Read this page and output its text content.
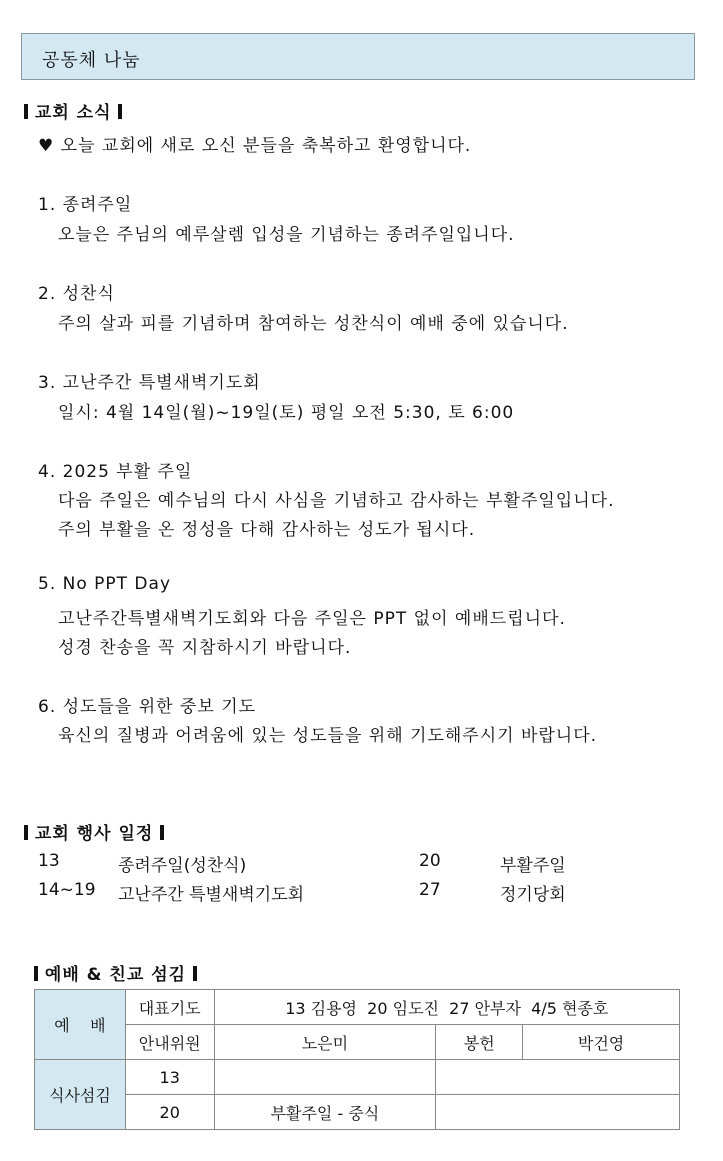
공동체 나눔
교회 소식
♥ 오늘 교회에 새로 오신 분들을 축복하고 환영합니다.
1. 종려주일
오늘은 주님의 예루살렘 입성을 기념하는 종려주일입니다.
2. 성찬식
주의 살과 피를 기념하며 참여하는 성찬식이 예배 중에 있습니다.
3. 고난주간 특별새벽기도회
일시: 4월 14일(월)~19일(토) 평일 오전 5:30, 토 6:00
4. 2025 부활 주일
다음 주일은 예수님의 다시 사심을 기념하고 감사하는 부활주일입니다.
주의 부활을 온 정성을 다해 감사하는 성도가 됩시다.
5. No PPT Day
고난주간특별새벽기도회와 다음 주일은 PPT 없이 예배드립니다.
성경 찬송을 꼭 지참하시기 바랍니다.
6. 성도들을 위한 중보 기도
육신의 질병과 어려움에 있는 성도들을 위해 기도해주시기 바랍니다.
교회 행사 일정
13	종려주일(성찬식)	20	부활주일
14~19 고난주간 특별새벽기도회	27	정기당회
예배 & 친교 섬김
예    배	대표기도	13 김용영  20 임도진  27 안부자  4/5 현종호		
	안내위원	노은미	봉헌	박건영
식사섬김	13			
	20	부활주일 - 중식		
